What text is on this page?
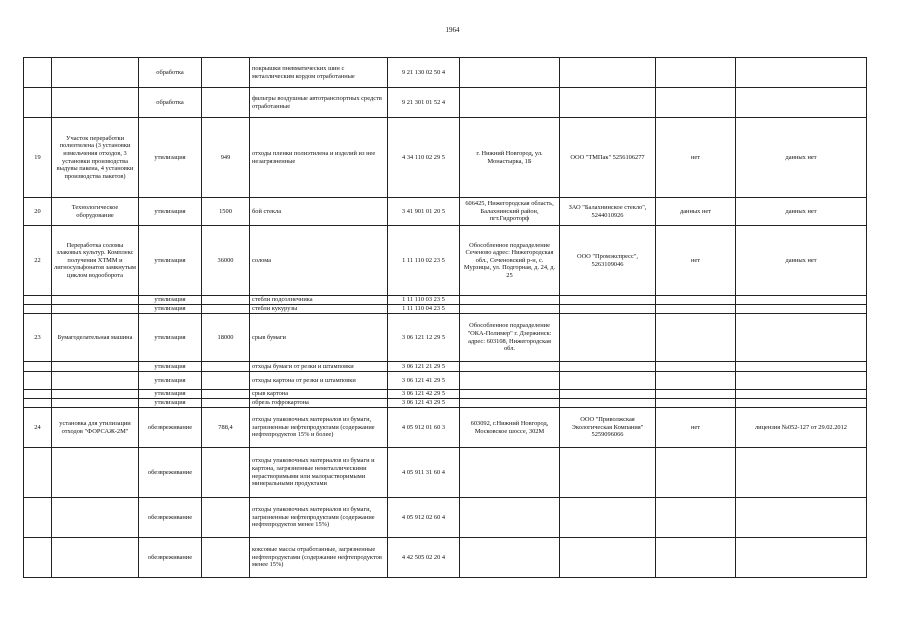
1964
		обработка		покрышки пневматических шин с металлическим кордом отработанные	9 21 130 02 50 4				
		обработка		фильтры воздушные автотранспортных средств отработанные	9 21 301 01 52 4				
19	Участок переработки полиэтилена (3 установки измельчения отходов, 3 установки производства выдувы пакеиа, 4 установки производства пакетов)	утилизация	949	отходы пленки полиэтилена и изделий из нее незагрязненные	4 34 110 02 29 5	г. Нижний Новгород, ул. Монастырка, 1Б	ООО "ТМПак" 5256106277	нет	данных нет
20	Технологическое оборудование	утилизация	1500	бой стекла	3 41 901 01 20 5	606425, Нижегородская область, Балахнинский район, пгт.Гидроторф	ЗАО "Балахнинское стекло", 5244010926	данных нет	данных нет
22	Переработка соломы злаковых культур. Комплекс получения ХТММ и лигносульфонатов замкнутым циклом водооборота	утилизация	36000	солома	1 11 110 02 23 5	Обособленное подразделение Сеченово адрес: Нижегородская обл., Сеченовский р-н, с. Мурзицы, ул. Подгорная, д. 24, д. 25	ООО "Промэкспресс", 5263109046	нет	данных нет
		утилизация		стебли подсолнечника	1 11 110 03 23 5				
		утилизация		стебли кукурузы	1 11 110 04 23 5				
23	Бумагоделательная машина	утилизация	18000	срыв бумаги	3 06 121 12 29 5	Обособленное подразделение "ОКА-Полимер" г. Дзержинск: адрес: 603108, Нижегородская обл.			
		утилизация		отходы бумаги от резки и штамповки	3 06 121 21 29 5				
		утилизация		отходы картона от резки и штамповки	3 06 121 41 29 5				
		утилизация		срыв картона	3 06 121 42 29 5				
		утилизация		обрезь гофрокартона	3 06 121 43 29 5				
24	установка для утилизации отходов "ФОРСАЖ-2М"	обезвреживание	788,4	отходы упаковочных материалов из бумаги, загрязненные нефтепродуктами (содержание нефтепродуктов 15% и более)	4 05 912 01 60 3	603092, г.Нижний Новгород, Московское шоссе, 302М	ООО "Приволжская Экологическая Компания" 5259096066	нет	лицензия №052-127 от 29.02.2012
		обезвреживание		отходы упаковочных материалов из бумаги и картона, загрязненные неметаллическими нерастворимыми или малорастворимыми минеральными продуктами	4 05 911 31 60 4				
		обезвреживание		отходы упаковочных материалов из бумаги, загрязненные нефтепродуктами (содержание нефтепродуктов менее 15%)	4 05 912 02 60 4				
		обезвреживание		коксовые массы отработанные, загрязненные нефтепродуктами (содержание нефтепродуктов менее 15%)	4 42 505 02 20 4				
